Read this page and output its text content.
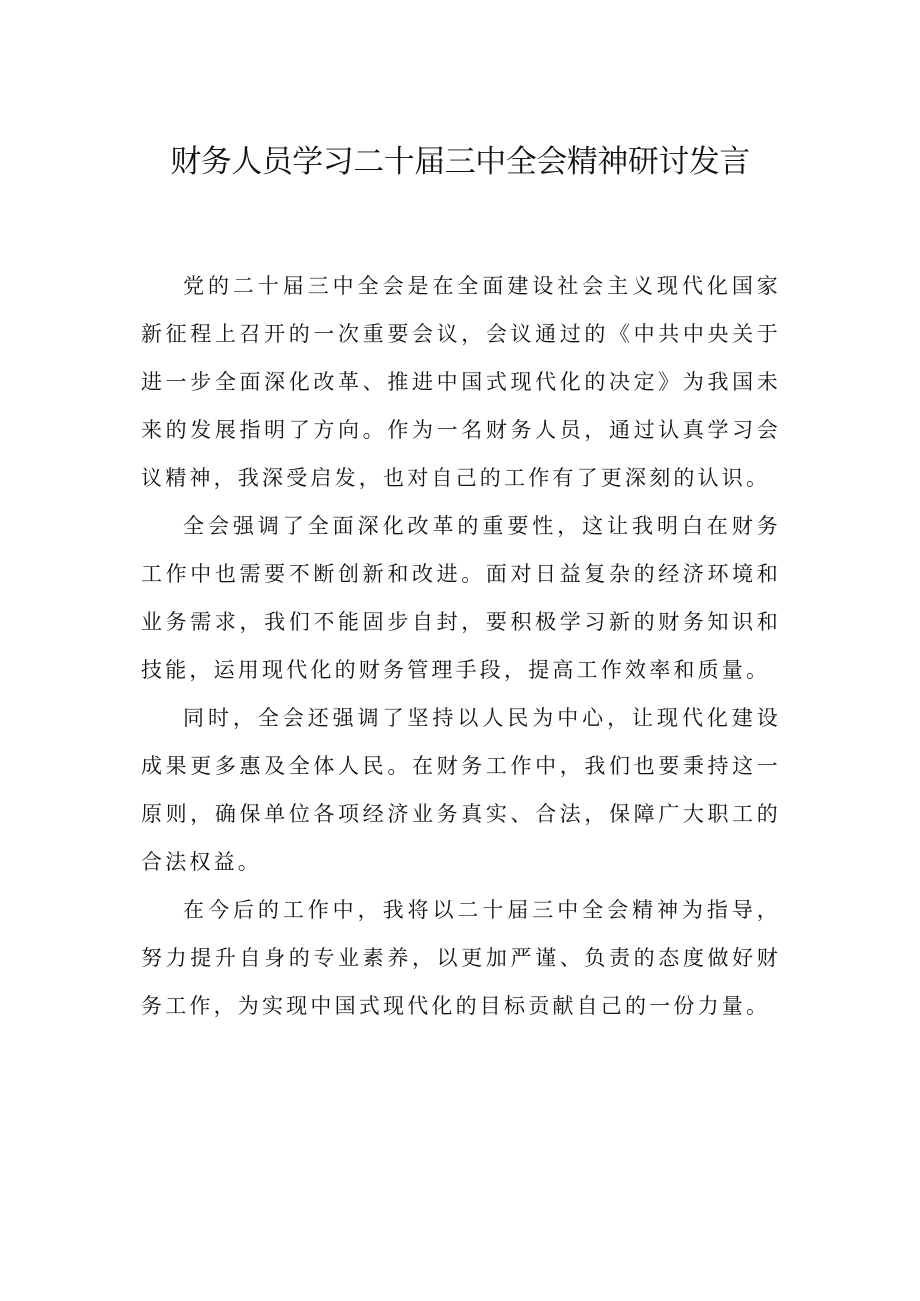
财务人员学习二十届三中全会精神研讨发言

党的二十届三中全会是在全面建设社会主义现代化国家新征程上召开的一次重要会议，会议通过的《中共中央关于进一步全面深化改革、推进中国式现代化的决定》为我国未来的发展指明了方向。作为一名财务人员，通过认真学习会议精神，我深受启发，也对自己的工作有了更深刻的认识。

全会强调了全面深化改革的重要性，这让我明白在财务工作中也需要不断创新和改进。面对日益复杂的经济环境和业务需求，我们不能固步自封，要积极学习新的财务知识和技能，运用现代化的财务管理手段，提高工作效率和质量。

同时，全会还强调了坚持以人民为中心，让现代化建设成果更多惠及全体人民。在财务工作中，我们也要秉持这一原则，确保单位各项经济业务真实、合法，保障广大职工的合法权益。

在今后的工作中，我将以二十届三中全会精神为指导，努力提升自身的专业素养，以更加严谨、负责的态度做好财务工作，为实现中国式现代化的目标贡献自己的一份力量。
